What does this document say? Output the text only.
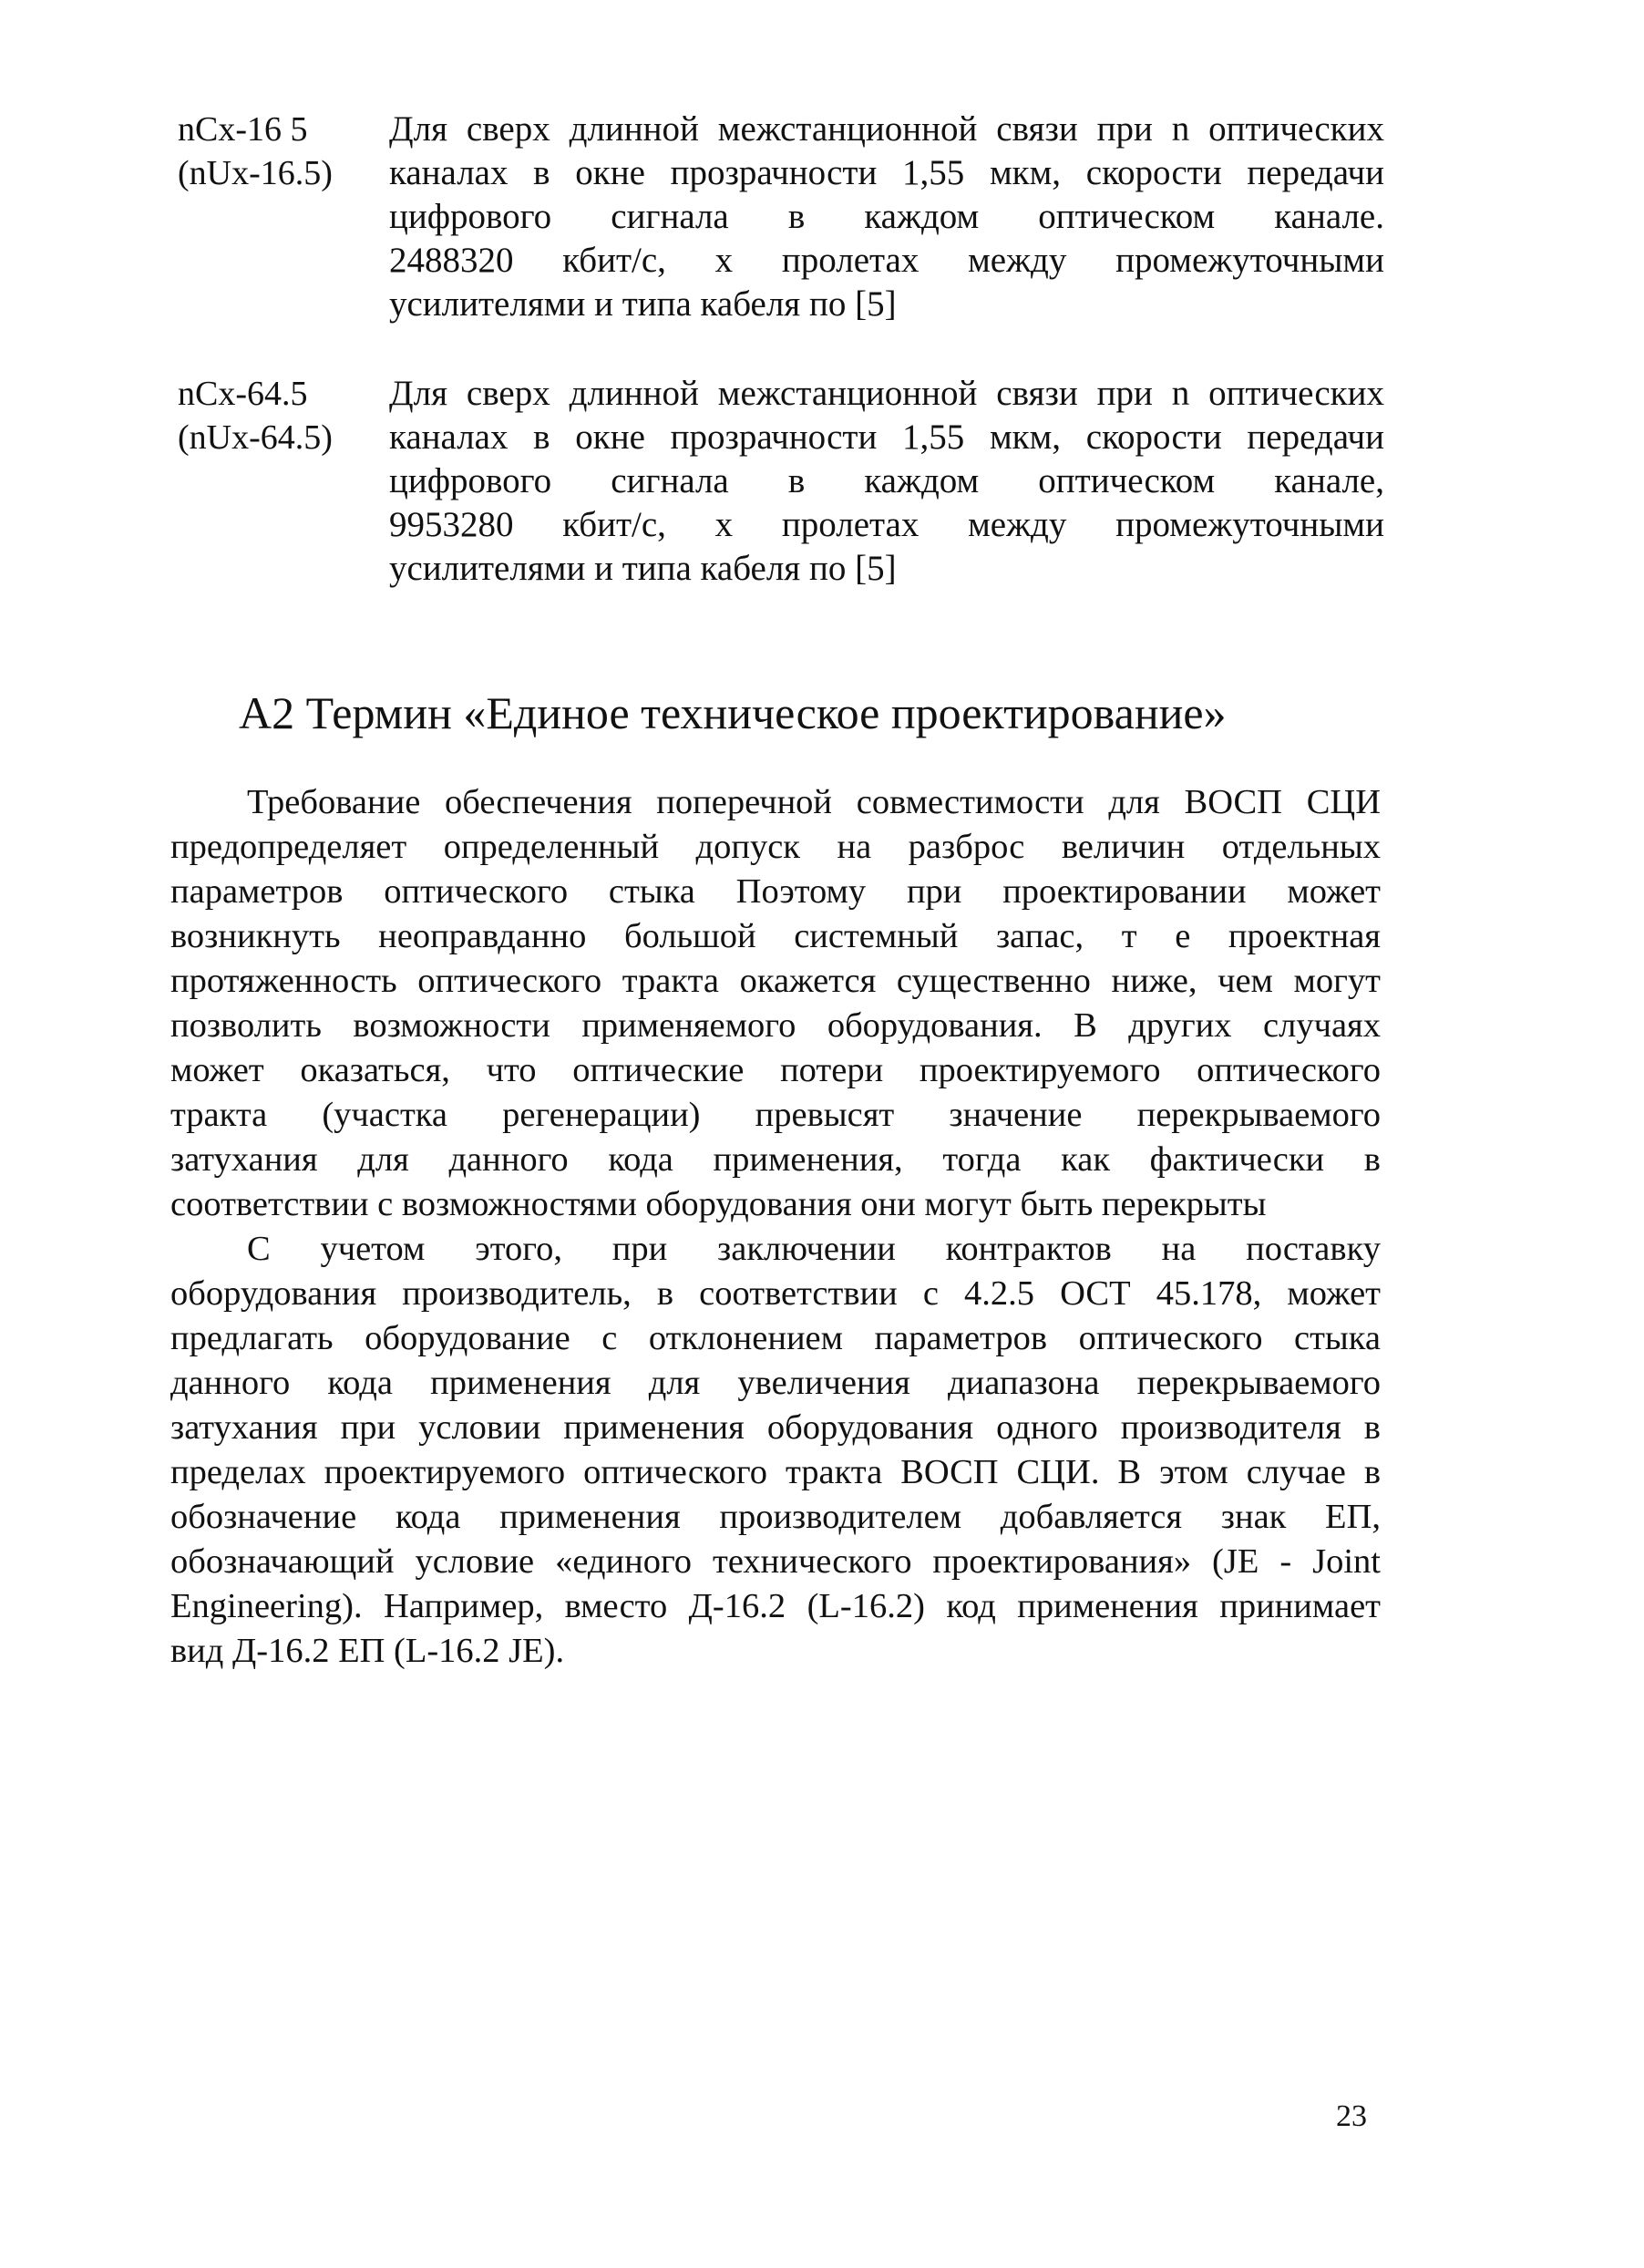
nCx-16 5
(nUx-16.5)
Для сверх длинной межстанционной связи при n оптических
каналах в окне прозрачности 1,55 мкм, скорости передачи
цифрового сигнала в каждом оптическом канале.
2488320 кбит/с, x пролетах между промежуточными
усилителями и типа кабеля по [5]
nCx-64.5
(nUx-64.5)
Для сверх длинной межстанционной связи при n оптических
каналах в окне прозрачности 1,55 мкм, скорости передачи
цифрового сигнала в каждом оптическом канале,
9953280 кбит/с, x пролетах между промежуточными
усилителями и типа кабеля по [5]
А2 Термин «Единое техническое проектирование»

Требование обеспечения поперечной совместимости для ВОСП СЦИ
предопределяет определенный допуск на разброс величин отдельных
параметров оптического стыка Поэтому при проектировании может
возникнуть неоправданно большой системный запас, т е проектная
протяженность оптического тракта окажется существенно ниже, чем могут
позволить возможности применяемого оборудования. В других случаях
может оказаться, что оптические потери проектируемого оптического
тракта (участка регенерации) превысят значение перекрываемого
затухания для данного кода применения, тогда как фактически в
соответствии с возможностями оборудования они могут быть перекрыты

С учетом этого, при заключении контрактов на поставку
оборудования производитель, в соответствии с 4.2.5 ОСТ 45.178, может
предлагать оборудование с отклонением параметров оптического стыка
данного кода применения для увеличения диапазона перекрываемого
затухания при условии применения оборудования одного производителя в
пределах проектируемого оптического тракта ВОСП СЦИ. В этом случае в
обозначение кода применения производителем добавляется знак ЕП,
обозначающий условие «единого технического проектирования» (JE - Joint
Engineering). Например, вместо Д-16.2 (L-16.2) код применения принимает
вид Д-16.2 ЕП (L-16.2 JE).

23
